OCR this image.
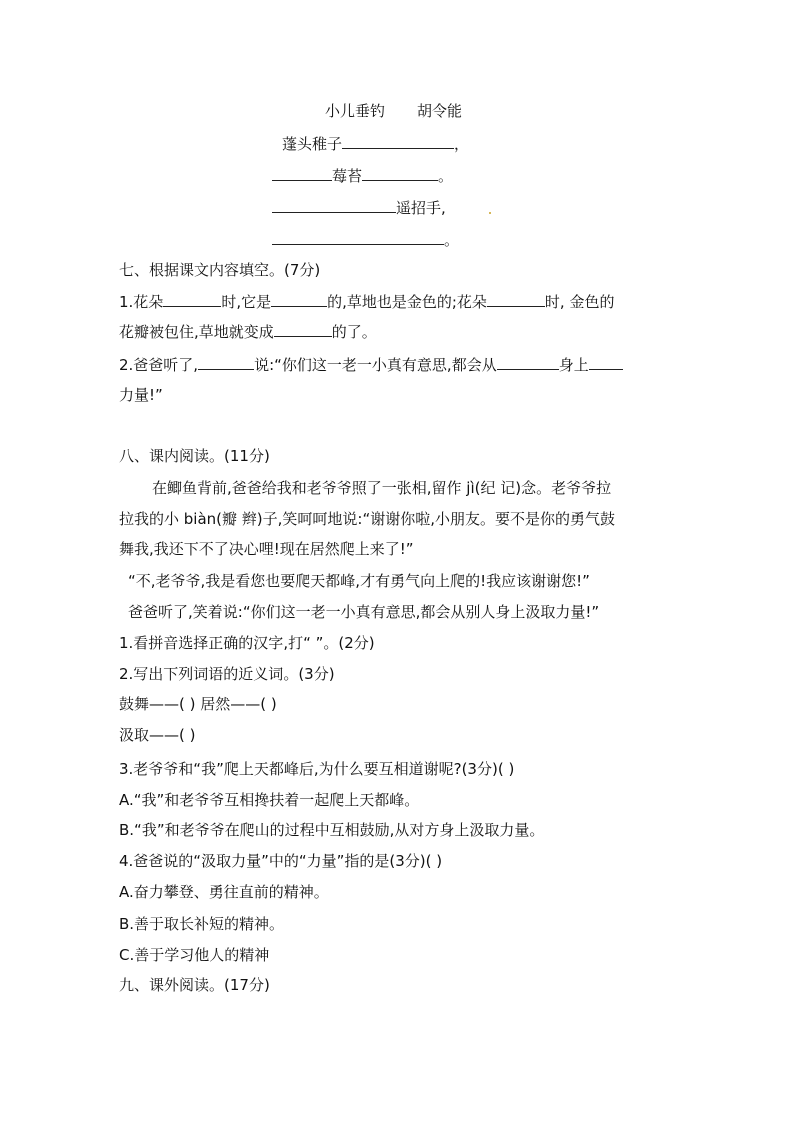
小儿垂钓 胡令能
蓬头稚子	，
莓苔	。
遥招手,
。
七、根据课文内容填空。(7分)
1.花朵	时,它是	的,草地也是金色的;花朵	时, 金色的
花瓣被包住,草地就变成	的了。
2.爸爸听了,	说:“你们这一老一小真有意思,都会从	身上
力量!”
八、课内阅读。(11分)
在鲫鱼背前,爸爸给我和老爷爷照了一张相,留作 jì(纪 记)念。老爷爷拉
拉我的小 biàn(瓣 辫)子,笑呵呵地说:“谢谢你啦,小朋友。要不是你的勇气鼓
舞我,我还下不了决心哩!现在居然爬上来了!”
“不,老爷爷,我是看您也要爬天都峰,才有勇气向上爬的!我应该谢谢您!”
爸爸听了,笑着说:“你们这一老一小真有意思,都会从别人身上汲取力量!”
1.看拼音选择正确的汉字,打“ ”。(2分)
2.写出下列词语的近义词。(3分)
鼓舞——( ) 居然——( )
汲取——( )
3.老爷爷和“我”爬上天都峰后,为什么要互相道谢呢?(3分)( )
A.“我”和老爷爷互相搀扶着一起爬上天都峰。
B.“我”和老爷爷在爬山的过程中互相鼓励,从对方身上汲取力量。
4.爸爸说的“汲取力量”中的“力量”指的是(3分)( )
A.奋力攀登、勇往直前的精神。
B.善于取长补短的精神。
C.善于学习他人的精神
九、课外阅读。(17分)
